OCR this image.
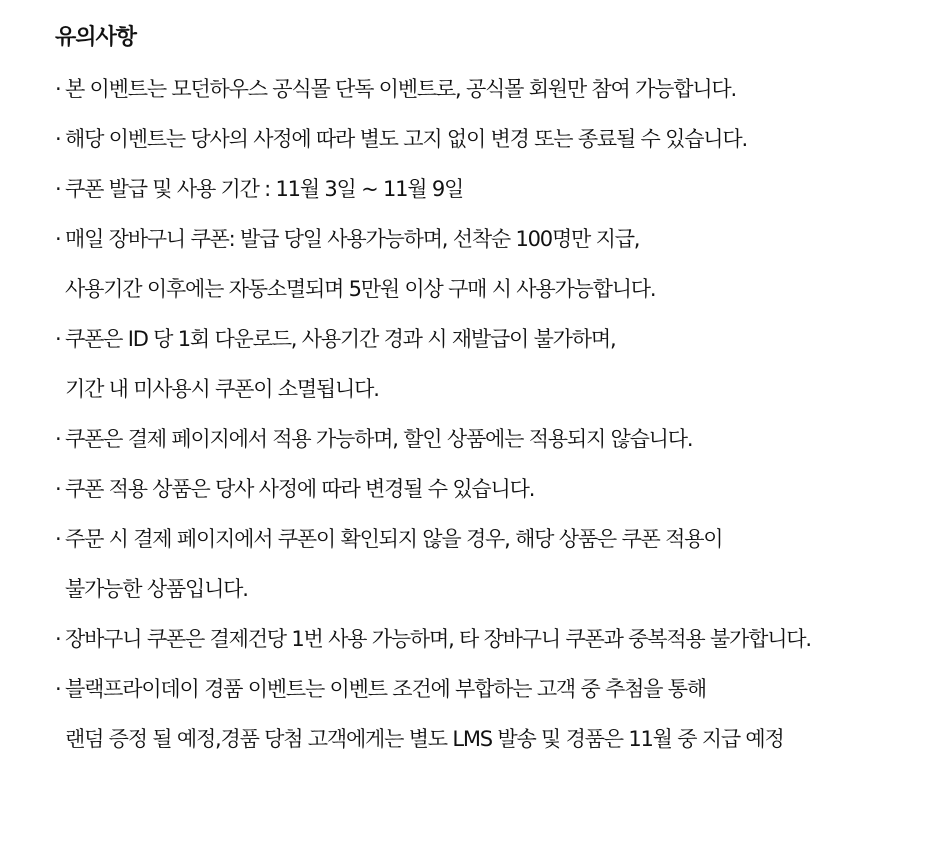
유의사항
· 본 이벤트는 모던하우스 공식몰 단독 이벤트로, 공식몰 회원만 참여 가능합니다.
· 해당 이벤트는 당사의 사정에 따라 별도 고지 없이 변경 또는 종료될 수 있습니다.
· 쿠폰 발급 및 사용 기간 : 11월 3일 ~ 11월 9일
· 매일 장바구니 쿠폰: 발급 당일 사용가능하며, 선착순 100명만 지급,
사용기간 이후에는 자동소멸되며 5만원 이상 구매 시 사용가능합니다.
· 쿠폰은 ID 당 1회 다운로드, 사용기간 경과 시 재발급이 불가하며,
기간 내 미사용시 쿠폰이 소멸됩니다.
· 쿠폰은 결제 페이지에서 적용 가능하며, 할인 상품에는 적용되지 않습니다.
· 쿠폰 적용 상품은 당사 사정에 따라 변경될 수 있습니다.
· 주문 시 결제 페이지에서 쿠폰이 확인되지 않을 경우, 해당 상품은 쿠폰 적용이
불가능한 상품입니다.
· 장바구니 쿠폰은 결제건당 1번 사용 가능하며, 타 장바구니 쿠폰과 중복적용 불가합니다.
· 블랙프라이데이 경품 이벤트는 이벤트 조건에 부합하는 고객 중 추첨을 통해
랜덤 증정 될 예정,경품 당첨 고객에게는 별도 LMS 발송 및 경품은 11월 중 지급 예정
